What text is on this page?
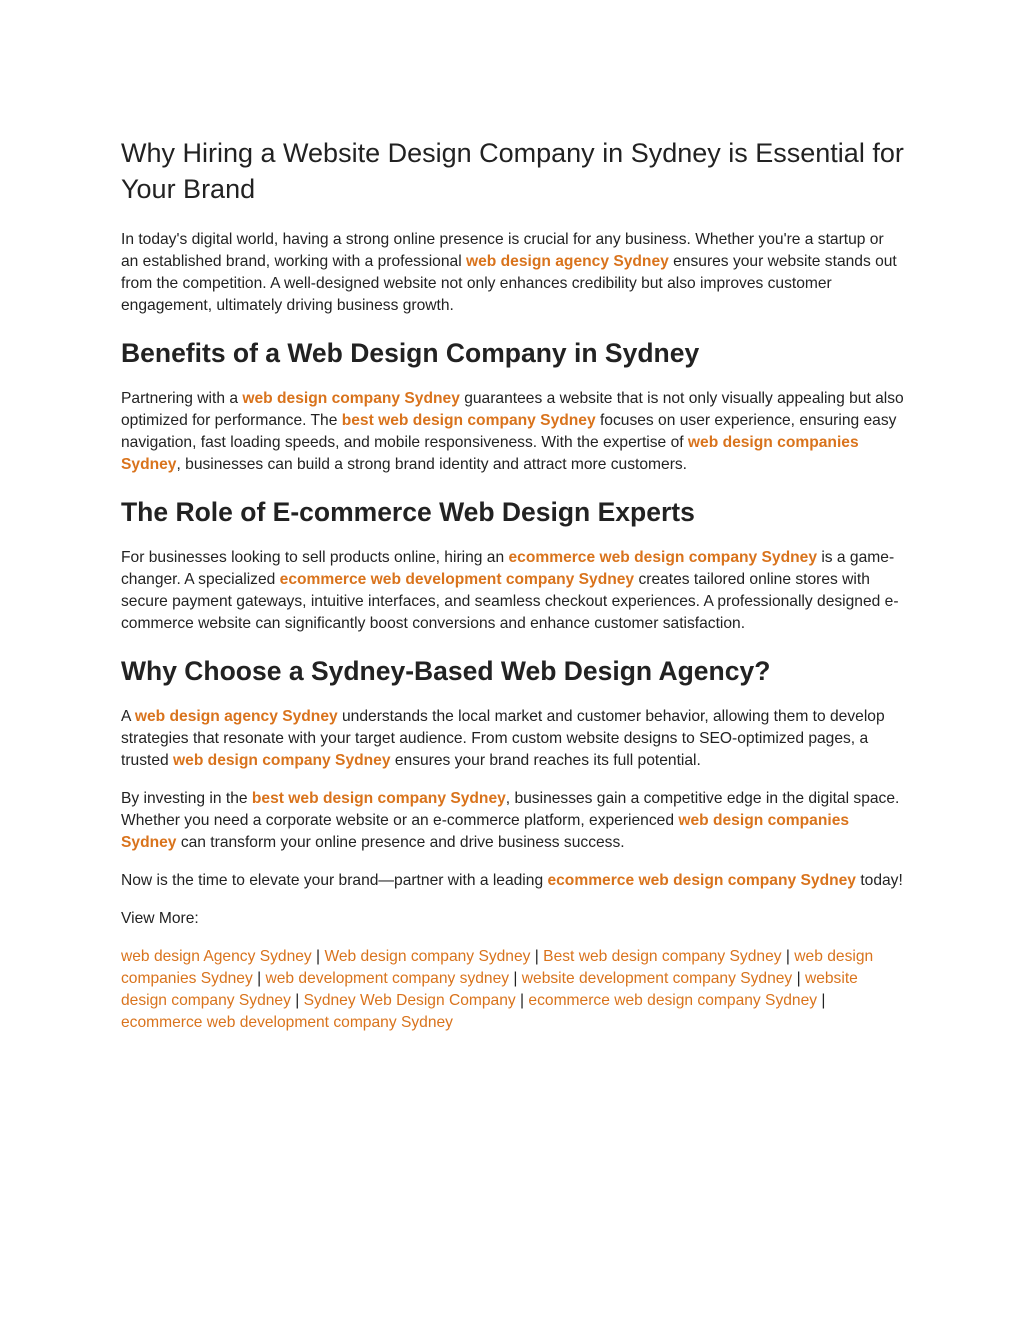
Why Hiring a Website Design Company in Sydney is Essential for Your Brand

In today's digital world, having a strong online presence is crucial for any business. Whether you're a startup or an established brand, working with a professional web design agency Sydney ensures your website stands out from the competition. A well-designed website not only enhances credibility but also improves customer engagement, ultimately driving business growth.

Benefits of a Web Design Company in Sydney

Partnering with a web design company Sydney guarantees a website that is not only visually appealing but also optimized for performance. The best web design company Sydney focuses on user experience, ensuring easy navigation, fast loading speeds, and mobile responsiveness. With the expertise of web design companies Sydney, businesses can build a strong brand identity and attract more customers.

The Role of E-commerce Web Design Experts

For businesses looking to sell products online, hiring an ecommerce web design company Sydney is a game-changer. A specialized ecommerce web development company Sydney creates tailored online stores with secure payment gateways, intuitive interfaces, and seamless checkout experiences. A professionally designed e-commerce website can significantly boost conversions and enhance customer satisfaction.

Why Choose a Sydney-Based Web Design Agency?

A web design agency Sydney understands the local market and customer behavior, allowing them to develop strategies that resonate with your target audience. From custom website designs to SEO-optimized pages, a trusted web design company Sydney ensures your brand reaches its full potential.

By investing in the best web design company Sydney, businesses gain a competitive edge in the digital space. Whether you need a corporate website or an e-commerce platform, experienced web design companies Sydney can transform your online presence and drive business success.

Now is the time to elevate your brand—partner with a leading ecommerce web design company Sydney today!

View More:

web design Agency Sydney | Web design company Sydney | Best web design company Sydney | web design companies Sydney | web development company sydney | website development company Sydney | website design company Sydney | Sydney Web Design Company | ecommerce web design company Sydney | ecommerce web development company Sydney
